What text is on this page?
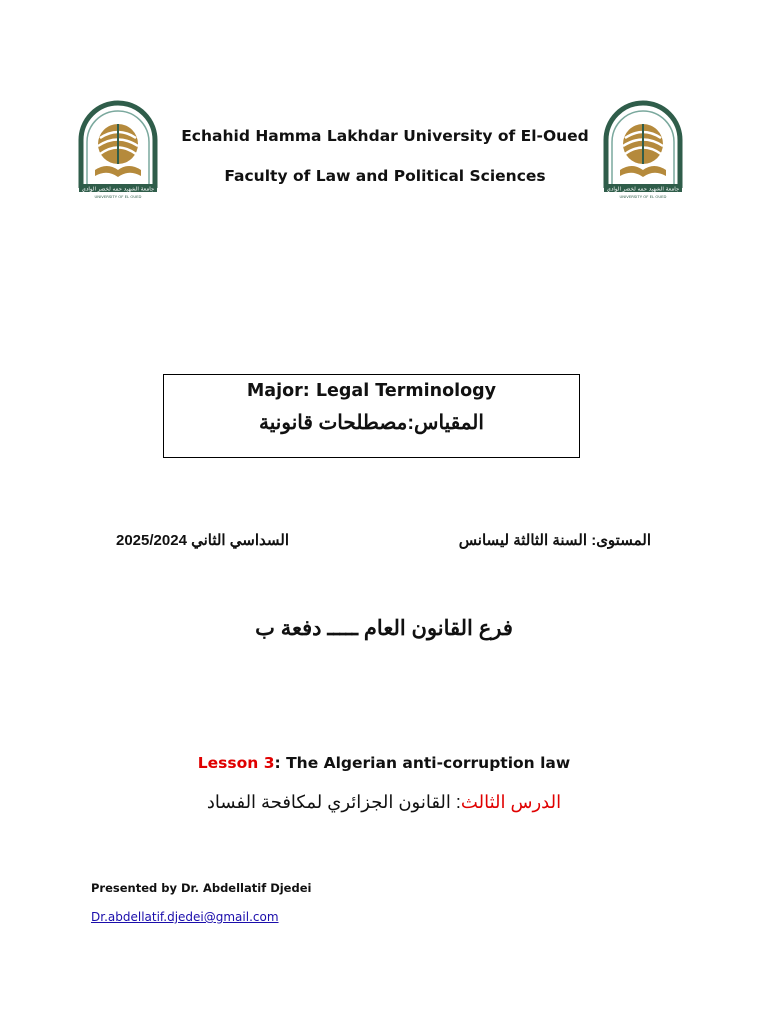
جامعة الشهيد حمه لخضر الوادي
UNIVERSITY OF EL OUED
جامعة الشهيد حمه لخضر الوادي
UNIVERSITY OF EL OUED
Echahid Hamma Lakhdar University of El-Oued
Faculty of Law and Political Sciences
Major: Legal Terminology
المقياس:مصطلحات قانونية
المستوى: السنة الثالثة ليسانس
السداسي الثاني 2025/2024
فرع القانون العام ـــــ دفعة ب
Lesson 3: The Algerian anti-corruption law
الدرس الثالث: القانون الجزائري لمكافحة الفساد
Presented by Dr. Abdellatif Djedei
Dr.abdellatif.djedei@gmail.com
